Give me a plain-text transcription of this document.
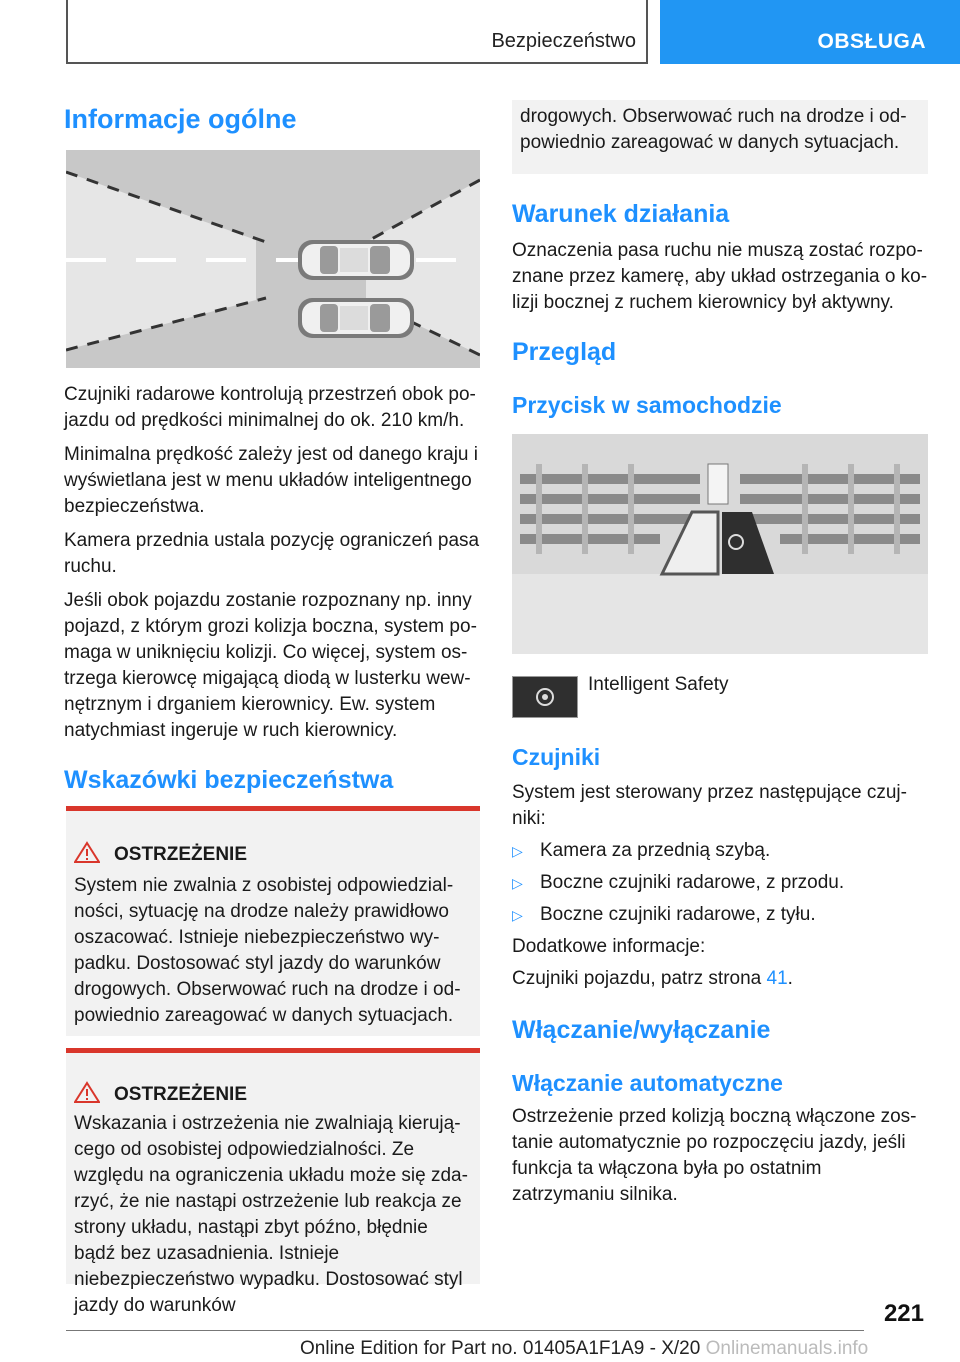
Bezpieczeństwo	OBSŁUGA
Informacje ogólne

Czujniki radarowe kontrolują przestrzeń obok pojazdu od prędkości minimalnej do ok. 210 km/h.

Minimalna prędkość zależy jest od danego kraju i wyświetlana jest w menu układów inteligentnego bezpieczeństwa.

Kamera przednia ustala pozycję ograniczeń pasa ruchu.

Jeśli obok pojazdu zostanie rozpoznany np. inny pojazd, z którym grozi kolizja boczna, system pomaga w uniknięciu kolizji. Co więcej, system ostrzega kierowcę migającą diodą w lusterku wewnętrznym i drganiem kierownicy. Ew. system natychmiast ingeruje w ruch kierownicy.

Wskazówki bezpieczeństwa
OSTRZEŻENIE
System nie zwalnia z osobistej odpowiedzialności, sytuację na drodze należy prawidłowo oszacować. Istnieje niebezpieczeństwo wypadku. Dostosować styl jazdy do warunków drogowych. Obserwować ruch na drodze i odpowiednio zareagować w danych sytuacjach.
OSTRZEŻENIE
Wskazania i ostrzeżenia nie zwalniają kierującego od osobistej odpowiedzialności. Ze względu na ograniczenia układu może się zdarzyć, że nie nastąpi ostrzeżenie lub reakcja ze strony układu, nastąpi zbyt późno, błędnie bądź bez uzasadnienia. Istnieje niebezpieczeństwo wypadku. Dostosować styl jazdy do warunków
drogowych. Obserwować ruch na drodze i odpowiednio zareagować w danych sytuacjach.
Warunek działania
Oznaczenia pasa ruchu nie muszą zostać rozpoznane przez kamerę, aby układ ostrzegania o kolizji bocznej z ruchem kierownicy był aktywny.
Przegląd
Przycisk w samochodzie
Intelligent Safety
Czujniki
System jest sterowany przez następujące czujniki:
▷ Kamera za przednią szybą.
▷ Boczne czujniki radarowe, z przodu.
▷ Boczne czujniki radarowe, z tyłu.
Dodatkowe informacje:
Czujniki pojazdu, patrz strona 41.
Włączanie/wyłączanie
Włączanie automatyczne
Ostrzeżenie przed kolizją boczną włączone zostanie automatycznie po rozpoczęciu jazdy, jeśli funkcja ta włączona była po ostatnim zatrzymaniu silnika.
221
Online Edition for Part no. 01405A1F1A9 - X/20 Onlinemanuals.info
